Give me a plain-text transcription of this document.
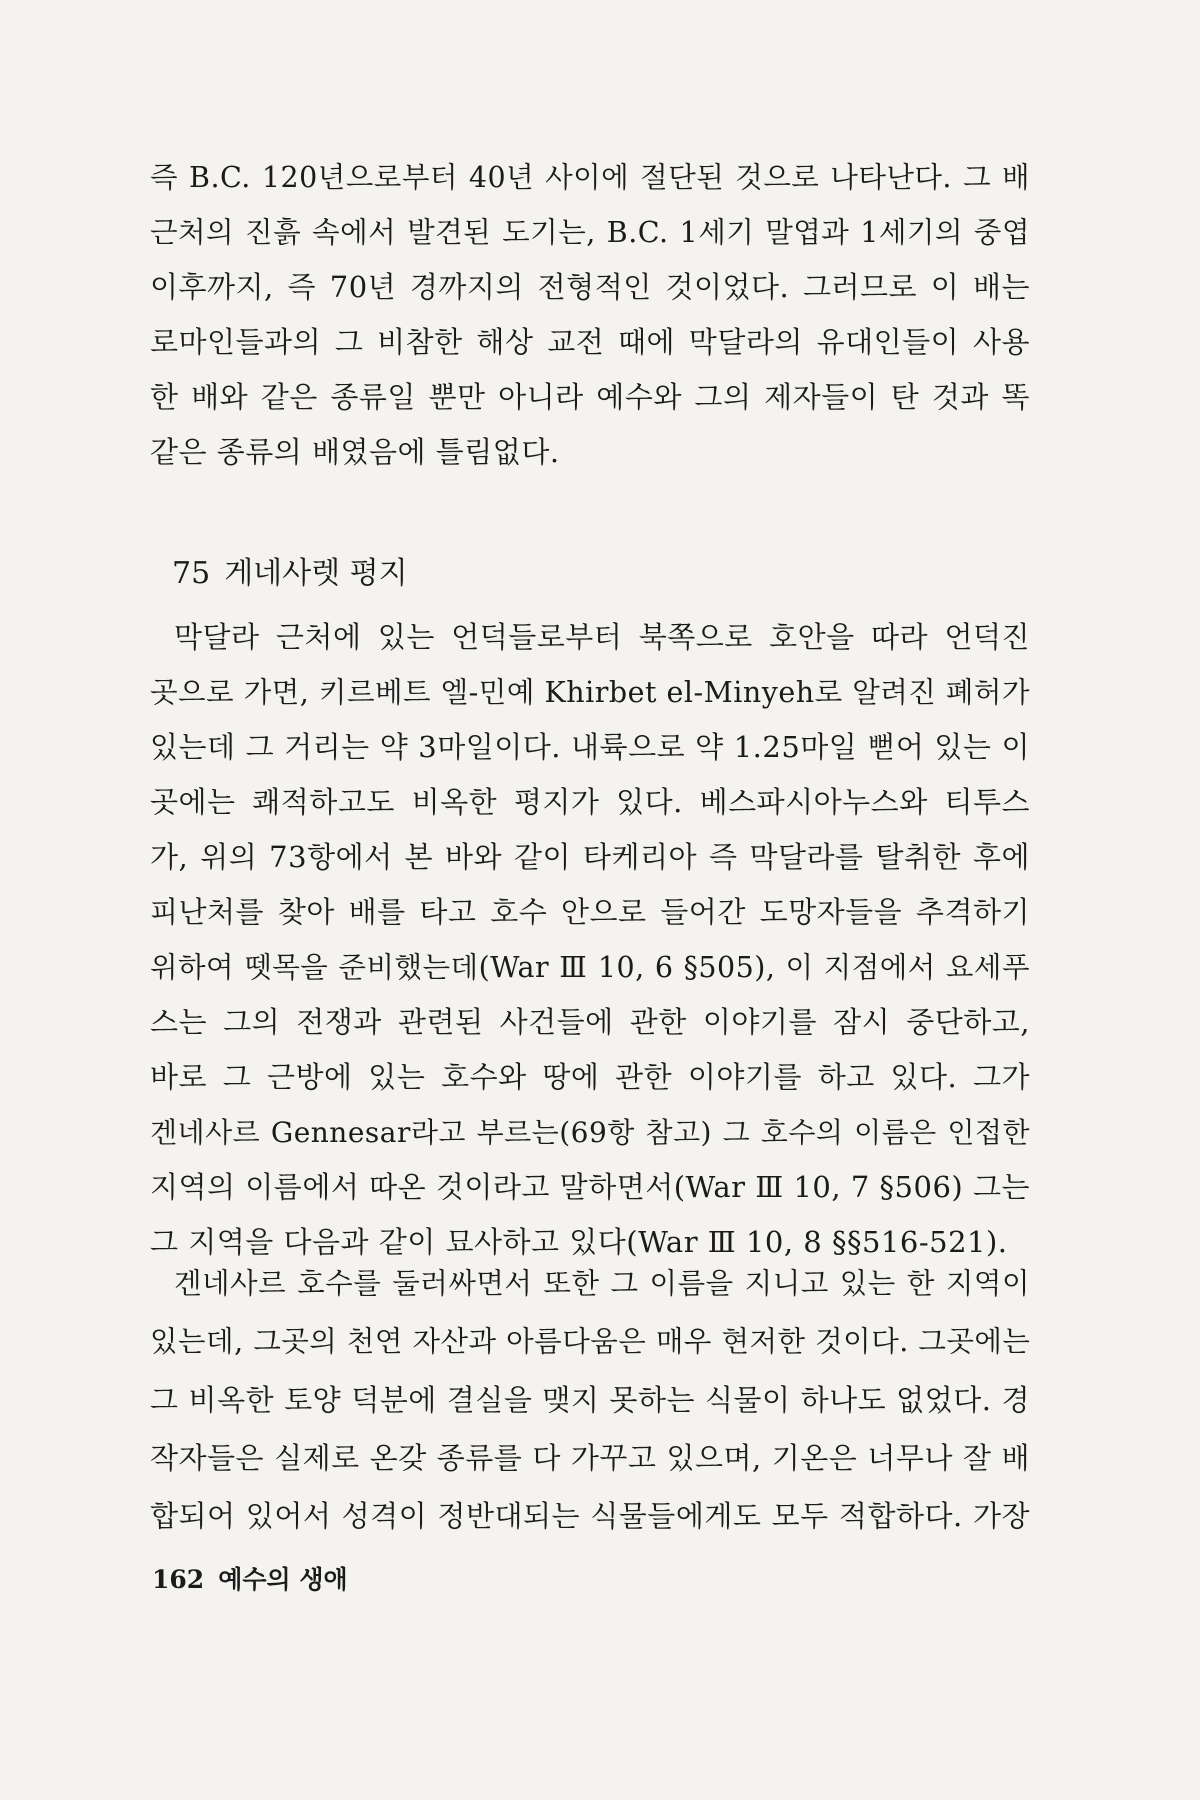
즉 B.C. 120년으로부터 40년 사이에 절단된 것으로 나타난다. 그 배
근처의 진흙 속에서 발견된 도기는, B.C. 1세기 말엽과 1세기의 중엽
이후까지, 즉 70년 경까지의 전형적인 것이었다. 그러므로 이 배는
로마인들과의 그 비참한 해상 교전 때에 막달라의 유대인들이 사용
한 배와 같은 종류일 뿐만 아니라 예수와 그의 제자들이 탄 것과 똑
같은 종류의 배였음에 틀림없다.
75 게네사렛 평지
막달라 근처에 있는 언덕들로부터 북쪽으로 호안을 따라 언덕진
곳으로 가면, 키르베트 엘-민예 Khirbet el-Minyeh로 알려진 폐허가
있는데 그 거리는 약 3마일이다. 내륙으로 약 1.25마일 뻗어 있는 이
곳에는 쾌적하고도 비옥한 평지가 있다. 베스파시아누스와 티투스
가, 위의 73항에서 본 바와 같이 타케리아 즉 막달라를 탈취한 후에
피난처를 찾아 배를 타고 호수 안으로 들어간 도망자들을 추격하기
위하여 뗏목을 준비했는데(War Ⅲ 10, 6 §505), 이 지점에서 요세푸
스는 그의 전쟁과 관련된 사건들에 관한 이야기를 잠시 중단하고,
바로 그 근방에 있는 호수와 땅에 관한 이야기를 하고 있다. 그가
겐네사르 Gennesar라고 부르는(69항 참고) 그 호수의 이름은 인접한
지역의 이름에서 따온 것이라고 말하면서(War Ⅲ 10, 7 §506) 그는
그 지역을 다음과 같이 묘사하고 있다(War Ⅲ 10, 8 §§516-521).
겐네사르 호수를 둘러싸면서 또한 그 이름을 지니고 있는 한 지역이
있는데, 그곳의 천연 자산과 아름다움은 매우 현저한 것이다. 그곳에는
그 비옥한 토양 덕분에 결실을 맺지 못하는 식물이 하나도 없었다. 경
작자들은 실제로 온갖 종류를 다 가꾸고 있으며, 기온은 너무나 잘 배
합되어 있어서 성격이 정반대되는 식물들에게도 모두 적합하다. 가장
162 예수의 생애
